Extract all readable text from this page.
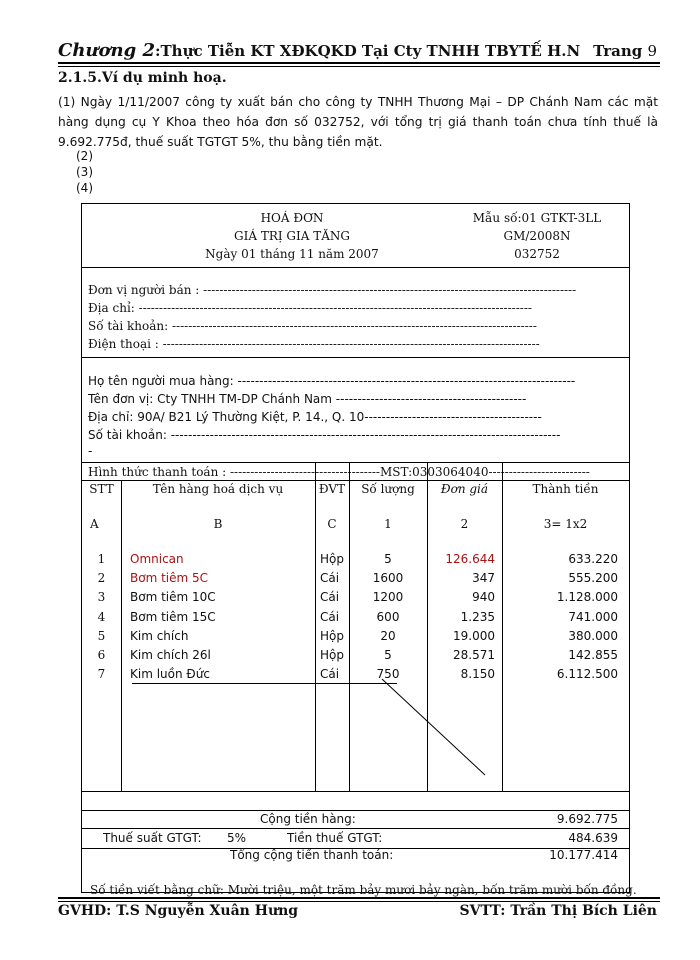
Chương 2:Thực Tiễn KT XĐKQKD Tại Cty TNHH TBYTẾ H.N Trang 9
2.1.5.Ví dụ minh hoạ.
(1) Ngày 1/11/2007 công ty xuất bán cho công ty TNHH Thương Mại – DP Chánh Nam các mặt hàng dụng cụ Y Khoa theo hóa đơn số 032752, với tổng trị giá thanh toán chưa tính thuế là 9.692.775đ, thuế suất TGTGT 5%, thu bằng tiền mặt.
(2)
(3)
(4)
HOÁ ĐƠN
GIÁ TRỊ GIA TĂNG
Ngày 01 tháng 11 năm 2007
Mẫu số:01 GTKT-3LL
GM/2008N
032752
Đơn vị người bán : --------------------------------------------------------------------------------------------
Địa chỉ: -------------------------------------------------------------------------------------------------
Số tài khoản: ------------------------------------------------------------------------------------------
Điện thoại : ---------------------------------------------------------------------------------------------
Họ tên người mua hàng: ------------------------------------------------------------------------------
Tên đơn vị: Cty TNHH TM-DP Chánh Nam --------------------------------------------
Địa chỉ: 90A/ B21 Lý Thường Kiệt, P. 14., Q. 10-----------------------------------------
Số tài khoản: ------------------------------------------------------------------------------------------
-
Hình thức thanh toán : -------------------------------------MST:0303064040-------------------------
STT	Tên hàng hoá dịch vụ	ĐVT	Số lượng	Đơn giá	Thành tiền
A	B	C	1	2	3= 1x2
1	Omnican	Hộp	5	126.644	633.220
2	Bơm tiêm 5C	Cái	1600	347	555.200
3	Bơm tiêm 10C	Cái	1200	940	1.128.000
4	Bơm tiêm 15C	Cái	600	1.235	741.000
5	Kim chích	Hộp	20	19.000	380.000
6	Kim chích 26l	Hộp	5	28.571	142.855
7	Kim luồn Đức	Cái	750	8.150	6.112.500
Cộng tiền hàng:	9.692.775
Thuế suất GTGT: 5%	Tiền thuế GTGT:	484.639
Tổng cộng tiền thanh toán:	10.177.414
Số tiền viết bằng chữ: Mười triệu, một trăm bảy mươi bảy ngàn, bốn trăm mười bốn đồng.
GVHD: T.S Nguyễn Xuân Hưng	SVTT: Trần Thị Bích Liên
